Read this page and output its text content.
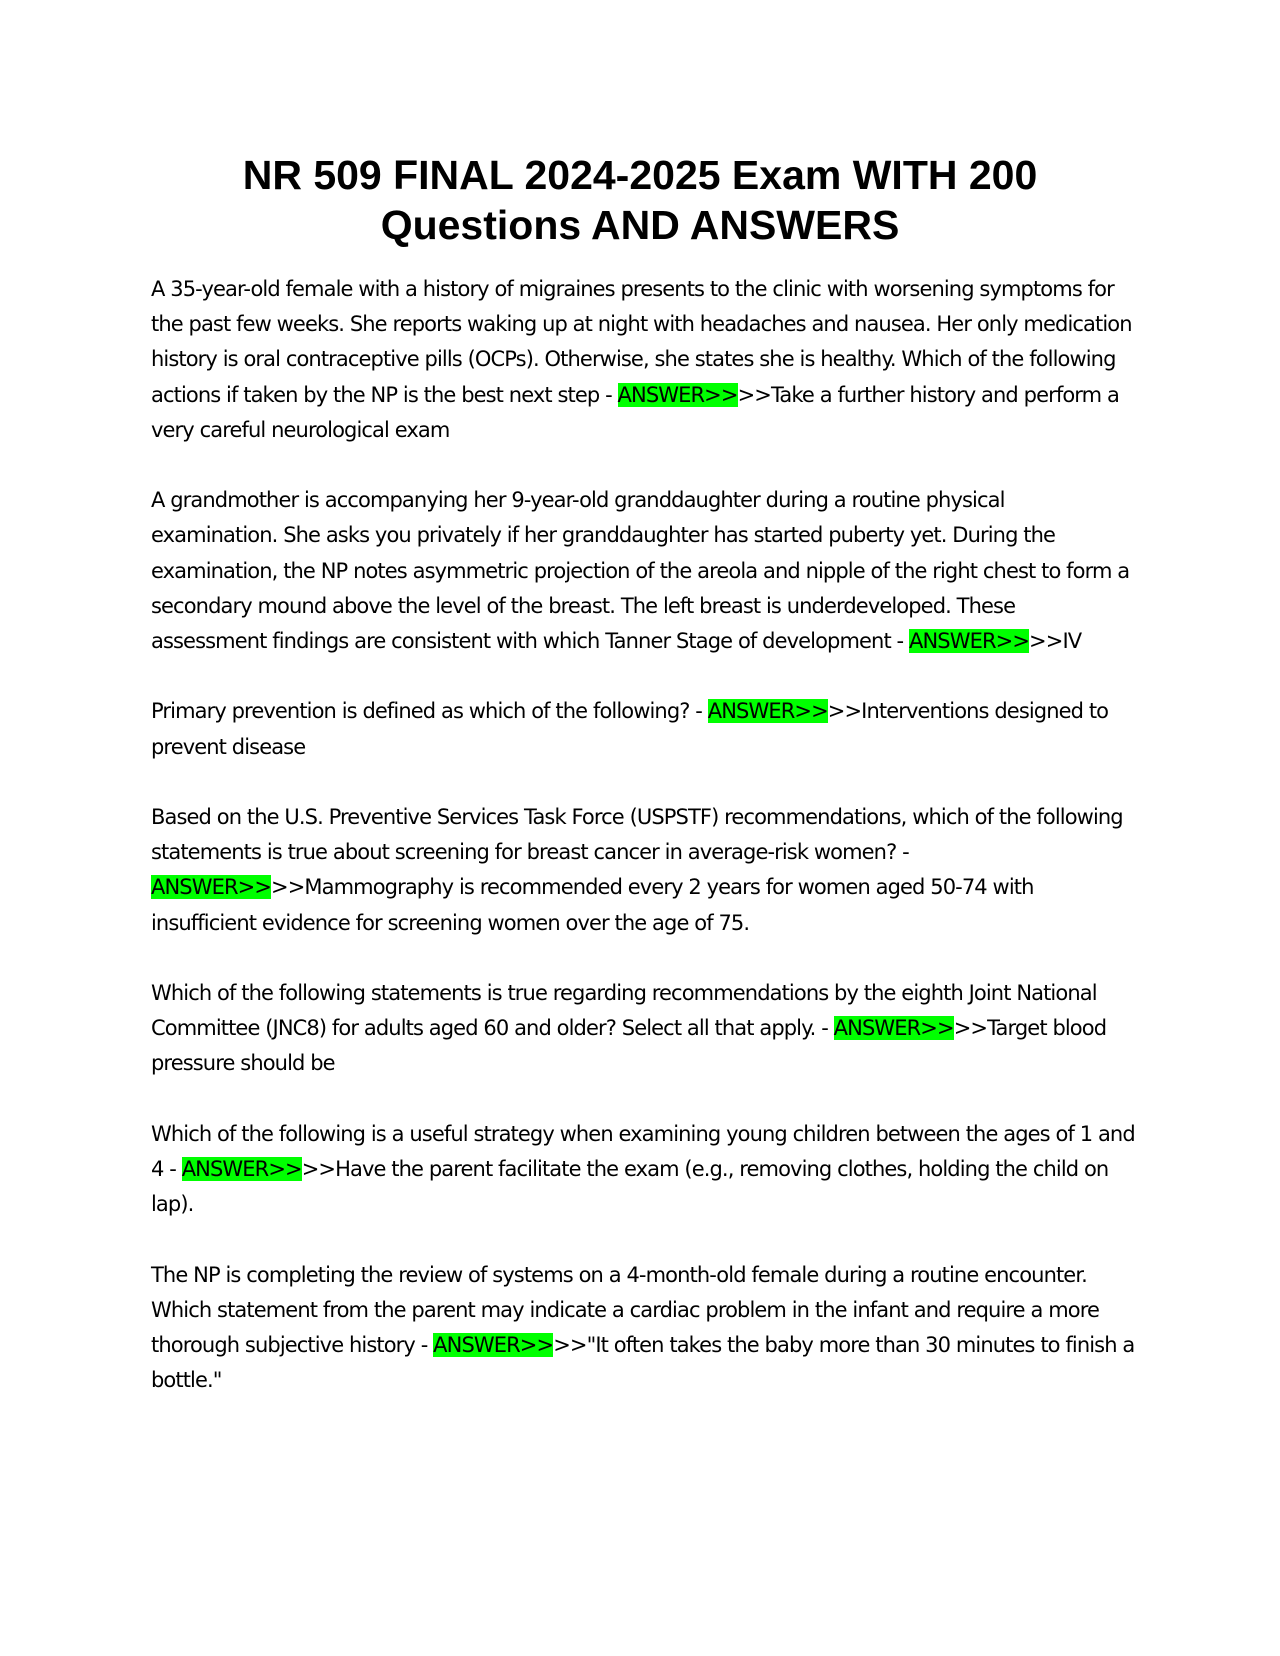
NR 509 FINAL 2024-2025 Exam WITH 200
Questions AND ANSWERS

A 35-year-old female with a history of migraines presents to the clinic with worsening symptoms for the past few weeks. She reports waking up at night with headaches and nausea. Her only medication history is oral contraceptive pills (OCPs). Otherwise, she states she is healthy. Which of the following actions if taken by the NP is the best next step - ANSWER>>>>Take a further history and perform a very careful neurological exam

A grandmother is accompanying her 9-year-old granddaughter during a routine physical examination. She asks you privately if her granddaughter has started puberty yet. During the examination, the NP notes asymmetric projection of the areola and nipple of the right chest to form a secondary mound above the level of the breast. The left breast is underdeveloped. These assessment findings are consistent with which Tanner Stage of development - ANSWER>>>>IV

Primary prevention is defined as which of the following? - ANSWER>>>>Interventions designed to prevent disease

Based on the U.S. Preventive Services Task Force (USPSTF) recommendations, which of the following statements is true about screening for breast cancer in average-risk women? - ANSWER>>>>Mammography is recommended every 2 years for women aged 50-74 with insufficient evidence for screening women over the age of 75.

Which of the following statements is true regarding recommendations by the eighth Joint National Committee (JNC8) for adults aged 60 and older? Select all that apply. - ANSWER>>>>Target blood pressure should be

Which of the following is a useful strategy when examining young children between the ages of 1 and 4 - ANSWER>>>>Have the parent facilitate the exam (e.g., removing clothes, holding the child on lap).

The NP is completing the review of systems on a 4-month-old female during a routine encounter. Which statement from the parent may indicate a cardiac problem in the infant and require a more thorough subjective history - ANSWER>>>>"It often takes the baby more than 30 minutes to finish a bottle."
